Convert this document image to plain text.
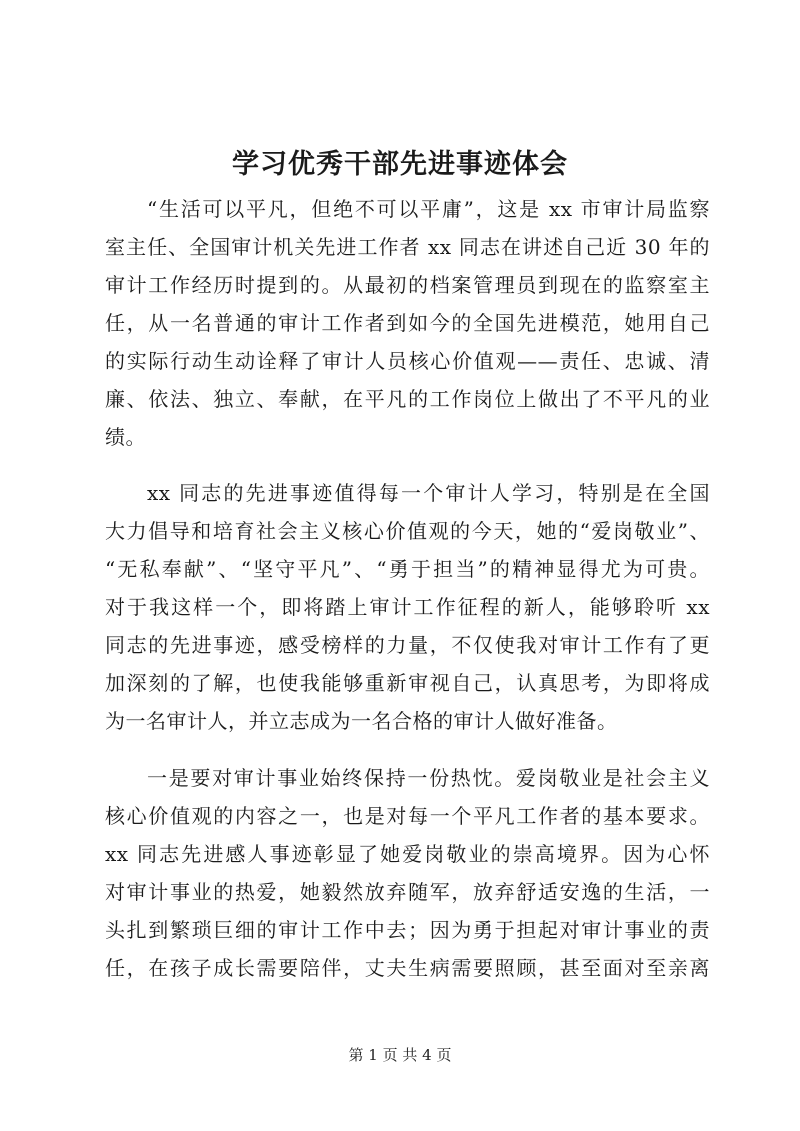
学习优秀干部先进事迹体会
“生活可以平凡，但绝不可以平庸”，这是 xx 市审计局监察
室主任、全国审计机关先进工作者 xx 同志在讲述自己近 30 年的
审计工作经历时提到的。从最初的档案管理员到现在的监察室主
任，从一名普通的审计工作者到如今的全国先进模范，她用自己
的实际行动生动诠释了审计人员核心价值观——责任、忠诚、清
廉、依法、独立、奉献，在平凡的工作岗位上做出了不平凡的业
绩。
xx 同志的先进事迹值得每一个审计人学习，特别是在全国
大力倡导和培育社会主义核心价值观的今天，她的“爱岗敬业”、
“无私奉献”、“坚守平凡”、“勇于担当”的精神显得尤为可贵。
对于我这样一个，即将踏上审计工作征程的新人，能够聆听 xx
同志的先进事迹，感受榜样的力量，不仅使我对审计工作有了更
加深刻的了解，也使我能够重新审视自己，认真思考，为即将成
为一名审计人，并立志成为一名合格的审计人做好准备。
一是要对审计事业始终保持一份热忱。爱岗敬业是社会主义
核心价值观的内容之一，也是对每一个平凡工作者的基本要求。
xx 同志先进感人事迹彰显了她爱岗敬业的崇高境界。因为心怀
对审计事业的热爱，她毅然放弃随军，放弃舒适安逸的生活，一
头扎到繁琐巨细的审计工作中去；因为勇于担起对审计事业的责
任，在孩子成长需要陪伴，丈夫生病需要照顾，甚至面对至亲离
第 1 页 共 4 页
